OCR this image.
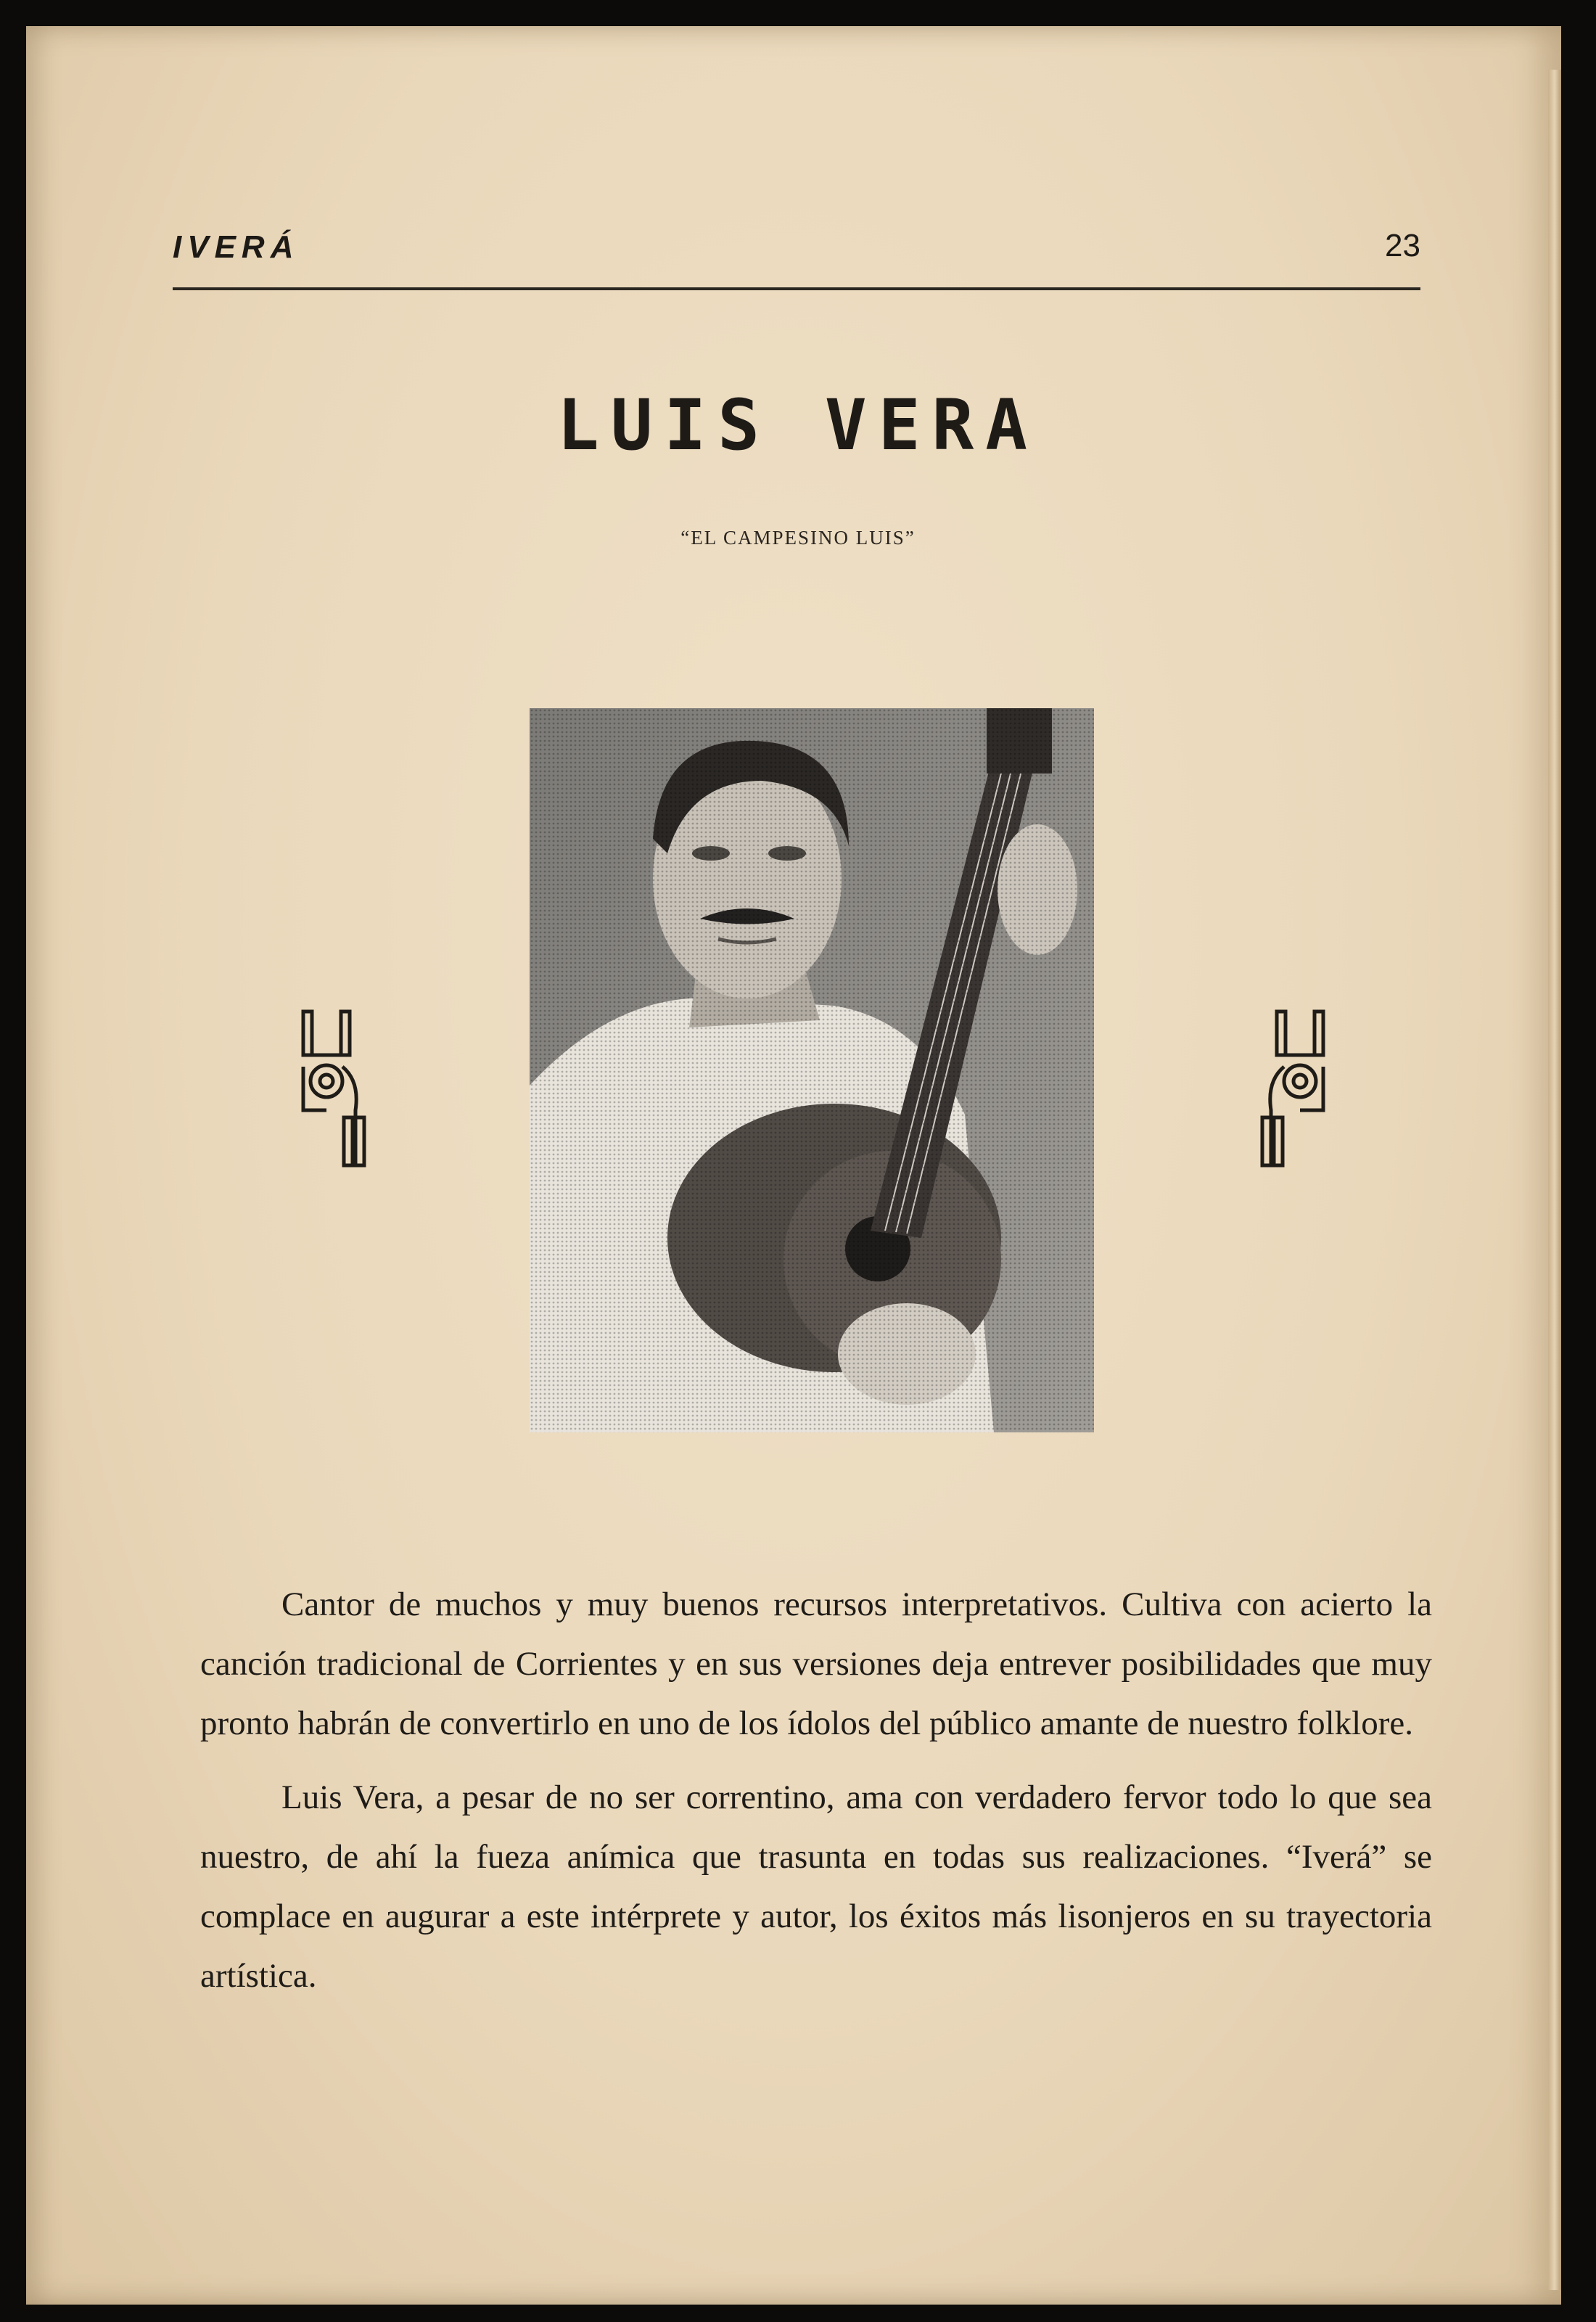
IVERÁ	23
LUIS VERA
“EL CAMPESINO LUIS”

Cantor de muchos y muy buenos recursos interpretativos. Cultiva con acierto la canción tradicional de Corrientes y en sus versiones deja entrever posibilidades que muy pronto habrán de convertirlo en uno de los ídolos del público amante de nuestro folklore.

Luis Vera, a pesar de no ser correntino, ama con verdadero fervor todo lo que sea nuestro, de ahí la fueza anímica que trasunta en todas sus realizaciones. “Iverá” se complace en augurar a este intérprete y autor, los éxitos más lisonjeros en su trayectoria artística.
